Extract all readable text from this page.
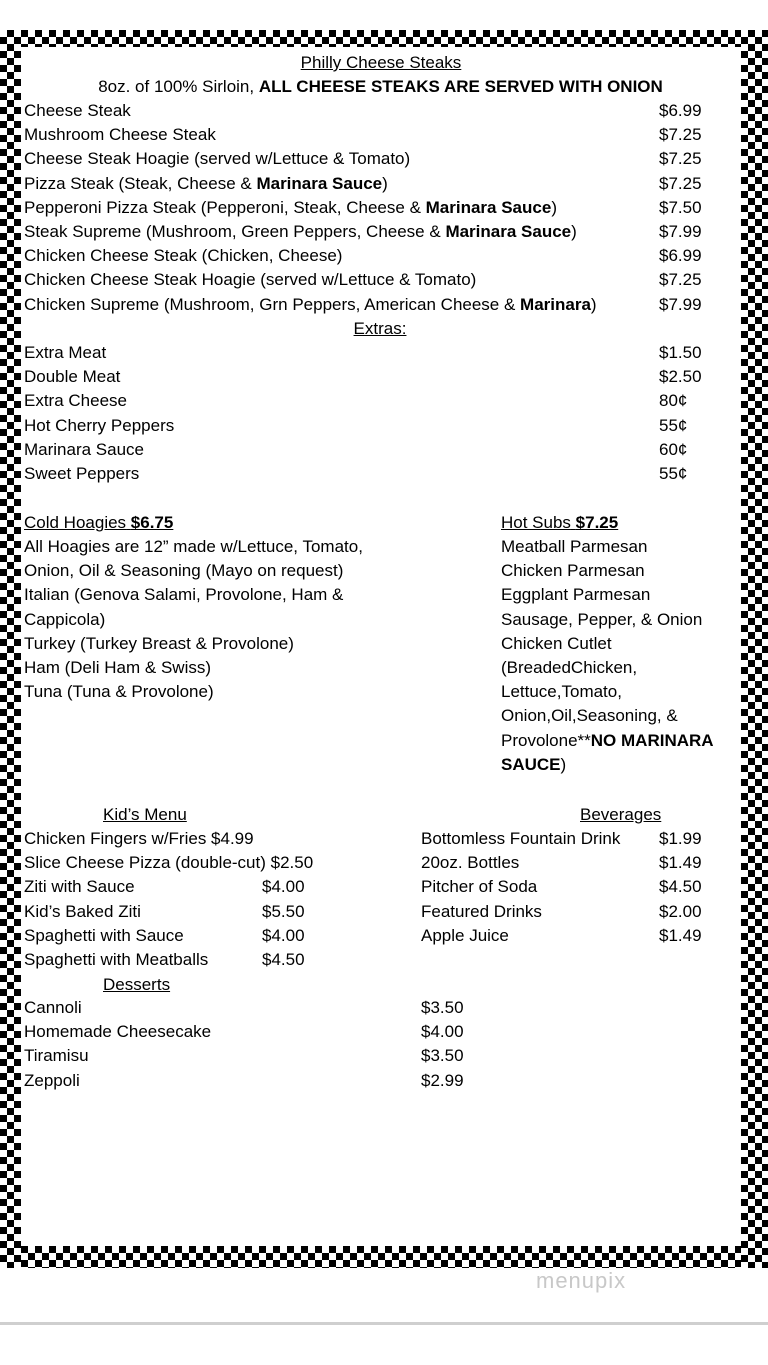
Philly Cheese Steaks
8oz. of 100% Sirloin, ALL CHEESE STEAKS ARE SERVED WITH ONION
Cheese Steak	$6.99
Mushroom Cheese Steak	$7.25
Cheese Steak Hoagie (served w/Lettuce & Tomato)	$7.25
Pizza Steak (Steak, Cheese & Marinara Sauce)	$7.25
Pepperoni Pizza Steak (Pepperoni, Steak, Cheese & Marinara Sauce)	$7.50
Steak Supreme (Mushroom, Green Peppers, Cheese & Marinara Sauce)	$7.99
Chicken Cheese Steak (Chicken, Cheese)	$6.99
Chicken Cheese Steak Hoagie (served w/Lettuce & Tomato)	$7.25
Chicken Supreme (Mushroom, Grn Peppers, American Cheese & Marinara)	$7.99
Extras:
Extra Meat	$1.50
Double Meat	$2.50
Extra Cheese	80¢
Hot Cherry Peppers	55¢
Marinara Sauce	60¢
Sweet Peppers	55¢
Cold Hoagies $6.75
All Hoagies are 12” made w/Lettuce, Tomato,
Onion, Oil & Seasoning (Mayo on request)
Italian (Genova Salami, Provolone, Ham &
Cappicola)
Turkey (Turkey Breast & Provolone)
Ham (Deli Ham & Swiss)
Tuna (Tuna & Provolone)
Hot Subs $7.25
Meatball Parmesan
Chicken Parmesan
Eggplant Parmesan
Sausage, Pepper, & Onion
Chicken Cutlet
(BreadedChicken,
Lettuce,Tomato,
Onion,Oil,Seasoning, &
Provolone**NO MARINARA
SAUCE)
Kid’s Menu
Chicken Fingers w/Fries $4.99
Slice Cheese Pizza (double-cut) $2.50
Ziti with Sauce	$4.00
Kid’s Baked Ziti	$5.50
Spaghetti with Sauce	$4.00
Spaghetti with Meatballs	$4.50
Beverages
Bottomless Fountain Drink $1.99
20oz. Bottles	$1.49
Pitcher of Soda	$4.50
Featured Drinks	$2.00
Apple Juice	$1.49
Desserts
Cannoli	$3.50
Homemade Cheesecake	$4.00
Tiramisu	$3.50
Zeppoli	$2.99
menupix
